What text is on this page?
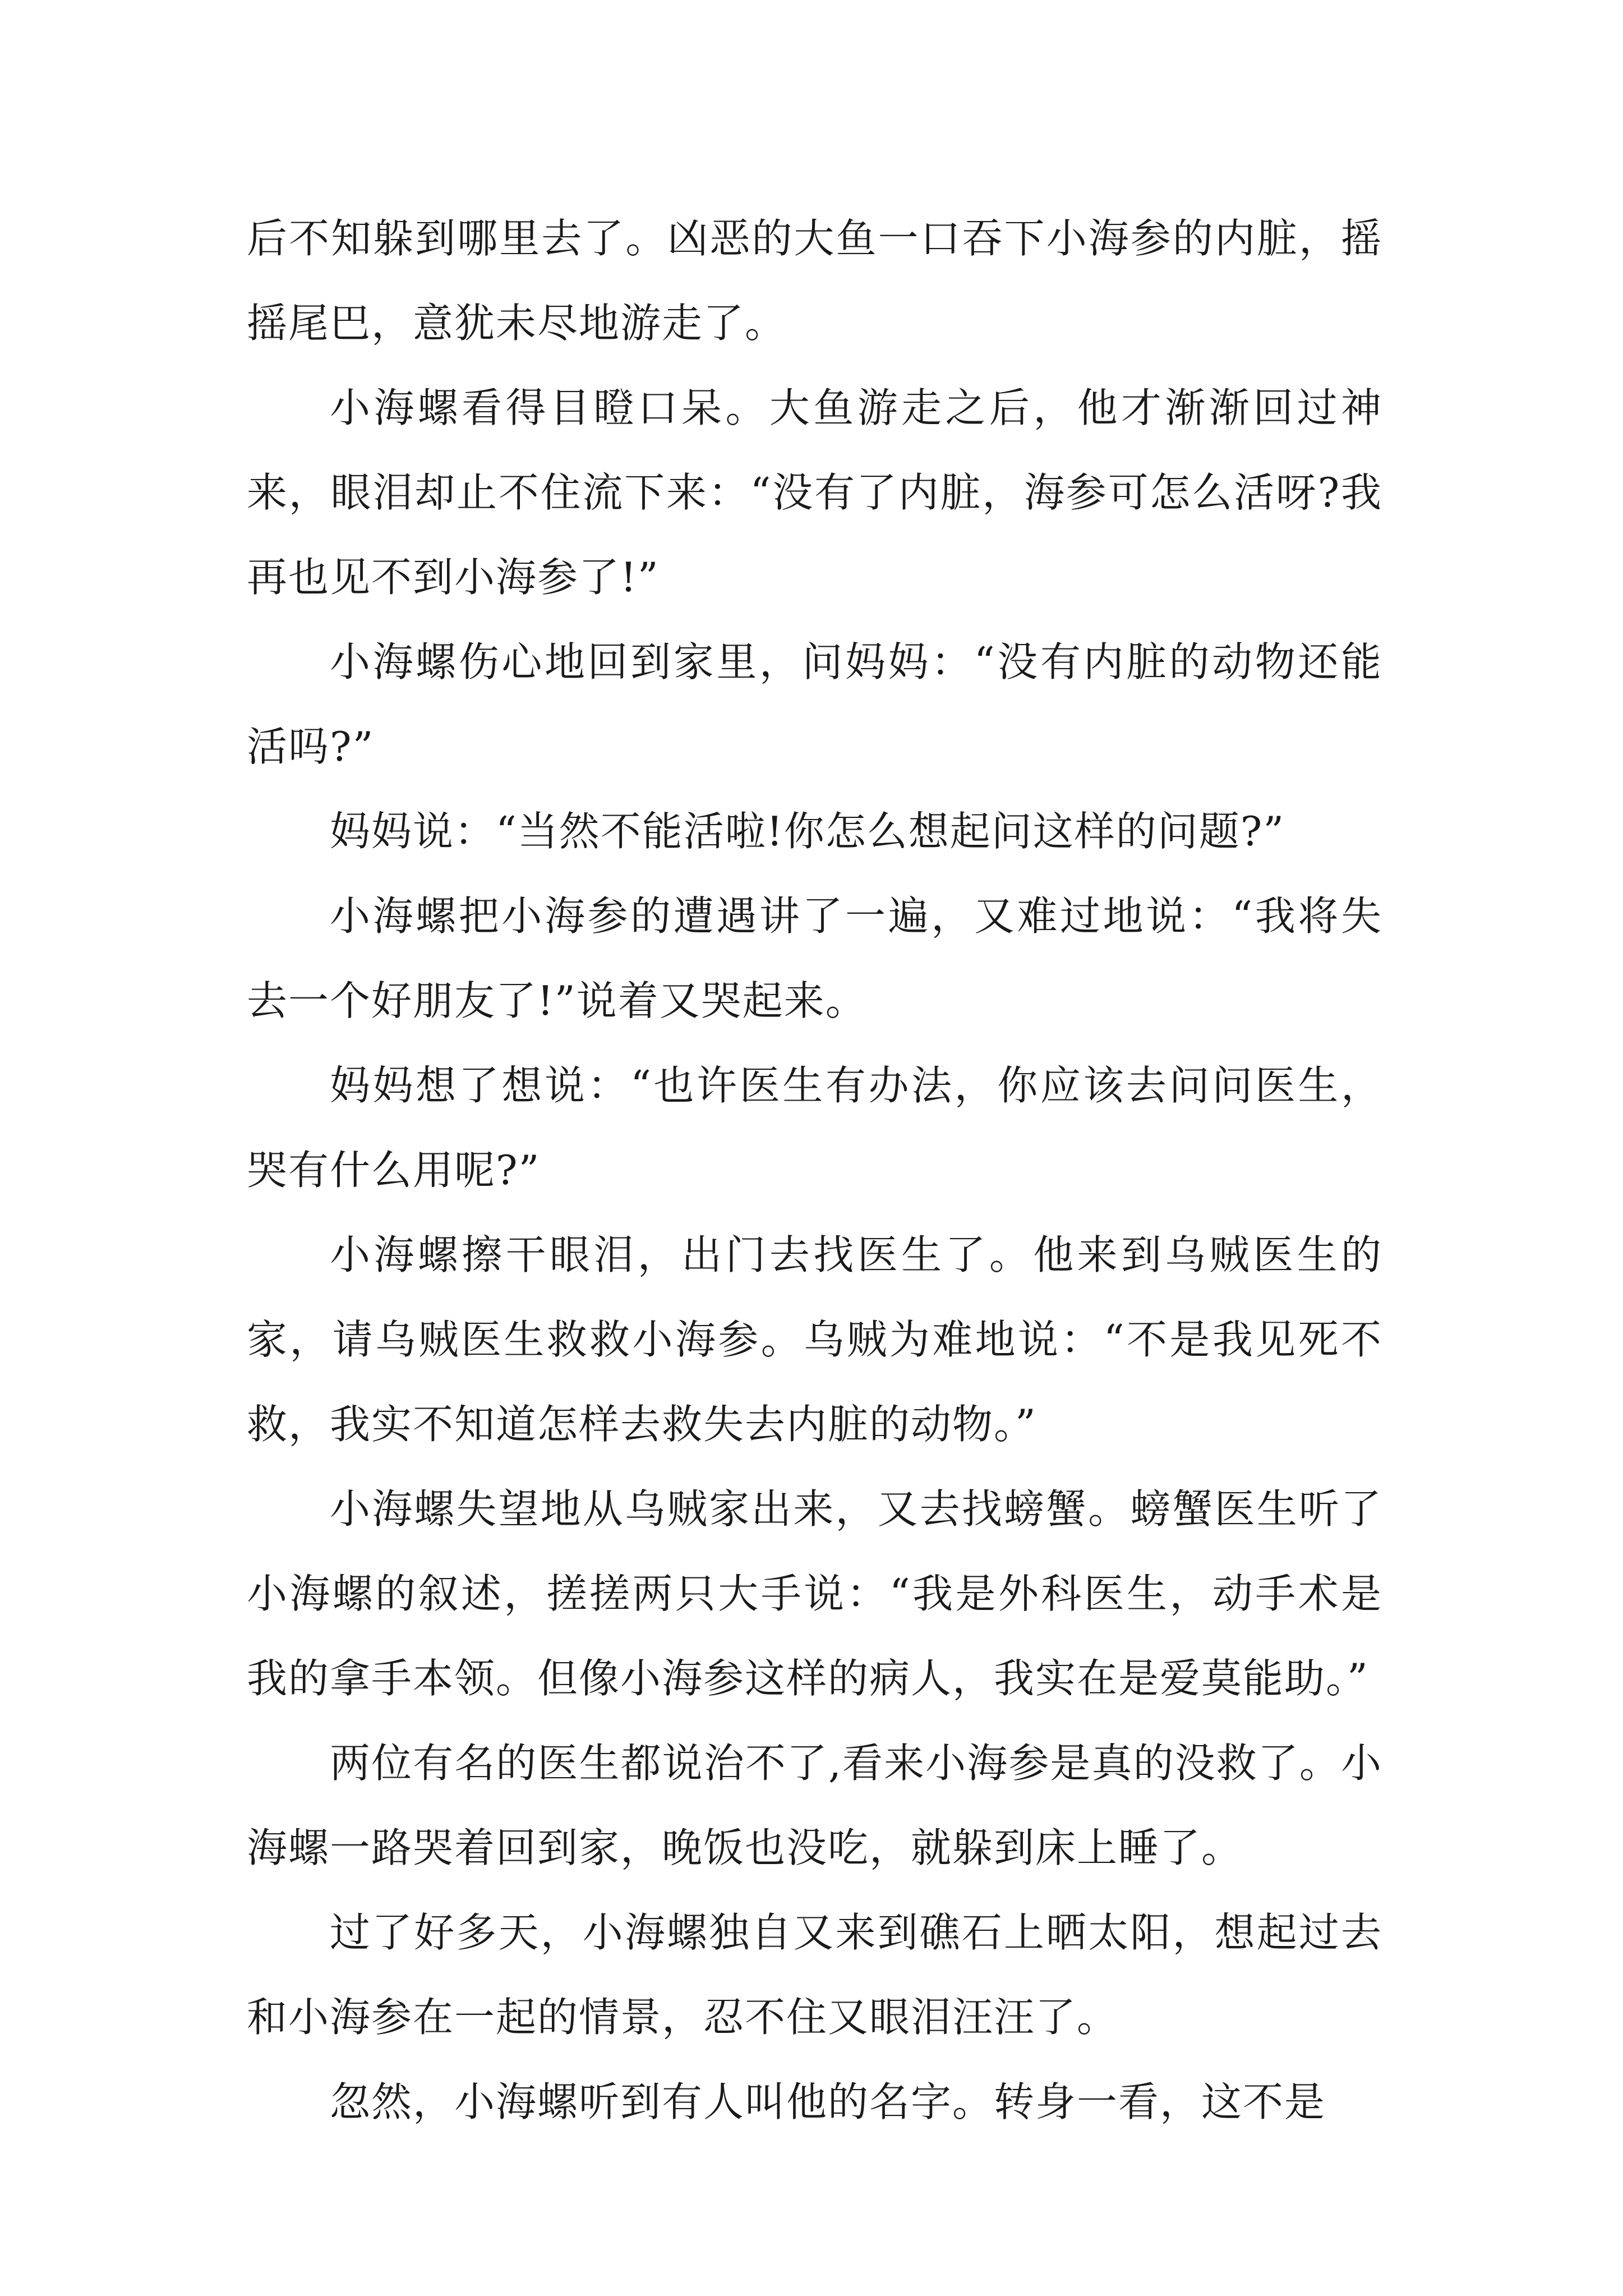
后不知躲到哪里去了。凶恶的大鱼一口吞下小海参的内脏，摇摇尾巴，意犹未尽地游走了。

小海螺看得目瞪口呆。大鱼游走之后，他才渐渐回过神来，眼泪却止不住流下来：“没有了内脏，海参可怎么活呀?我再也见不到小海参了!”

小海螺伤心地回到家里，问妈妈：“没有内脏的动物还能活吗?”

妈妈说：“当然不能活啦!你怎么想起问这样的问题?”

小海螺把小海参的遭遇讲了一遍，又难过地说：“我将失去一个好朋友了!”说着又哭起来。

妈妈想了想说：“也许医生有办法，你应该去问问医生，哭有什么用呢?”

小海螺擦干眼泪，出门去找医生了。他来到乌贼医生的家，请乌贼医生救救小海参。乌贼为难地说：“不是我见死不救，我实不知道怎样去救失去内脏的动物。”

小海螺失望地从乌贼家出来，又去找螃蟹。螃蟹医生听了小海螺的叙述，搓搓两只大手说：“我是外科医生，动手术是我的拿手本领。但像小海参这样的病人，我实在是爱莫能助。”

两位有名的医生都说治不了,看来小海参是真的没救了。小海螺一路哭着回到家，晚饭也没吃，就躲到床上睡了。

过了好多天，小海螺独自又来到礁石上晒太阳，想起过去和小海参在一起的情景，忍不住又眼泪汪汪了。

忽然，小海螺听到有人叫他的名字。转身一看，这不是
